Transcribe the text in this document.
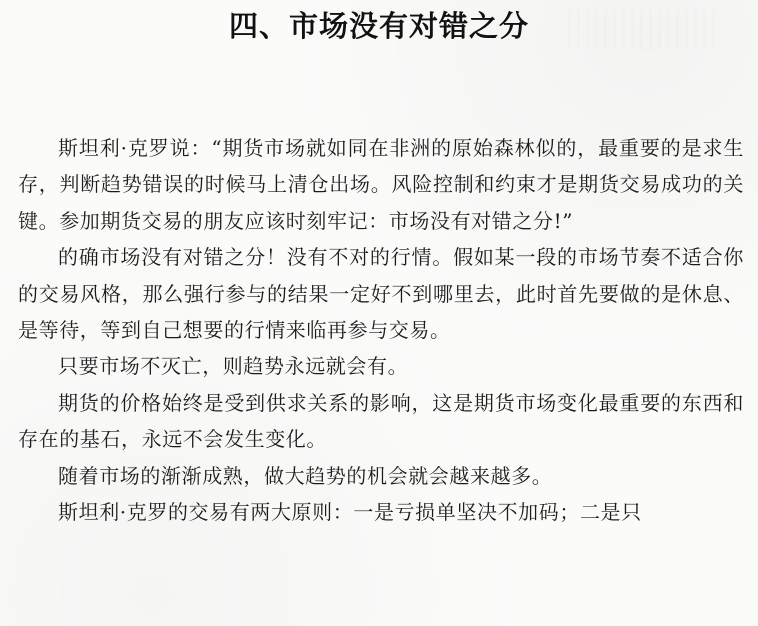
四、市场没有对错之分

斯坦利·克罗说：“期货市场就如同在非洲的原始森林似的，最重要的是求生存，判断趋势错误的时候马上清仓出场。风险控制和约束才是期货交易成功的关键。参加期货交易的朋友应该时刻牢记：市场没有对错之分!”

的确市场没有对错之分！没有不对的行情。假如某一段的市场节奏不适合你的交易风格，那么强行参与的结果一定好不到哪里去，此时首先要做的是休息、是等待，等到自己想要的行情来临再参与交易。

只要市场不灭亡，则趋势永远就会有。

期货的价格始终是受到供求关系的影响，这是期货市场变化最重要的东西和存在的基石，永远不会发生变化。

随着市场的渐渐成熟，做大趋势的机会就会越来越多。

斯坦利·克罗的交易有两大原则：一是亏损单坚决不加码；二是只
